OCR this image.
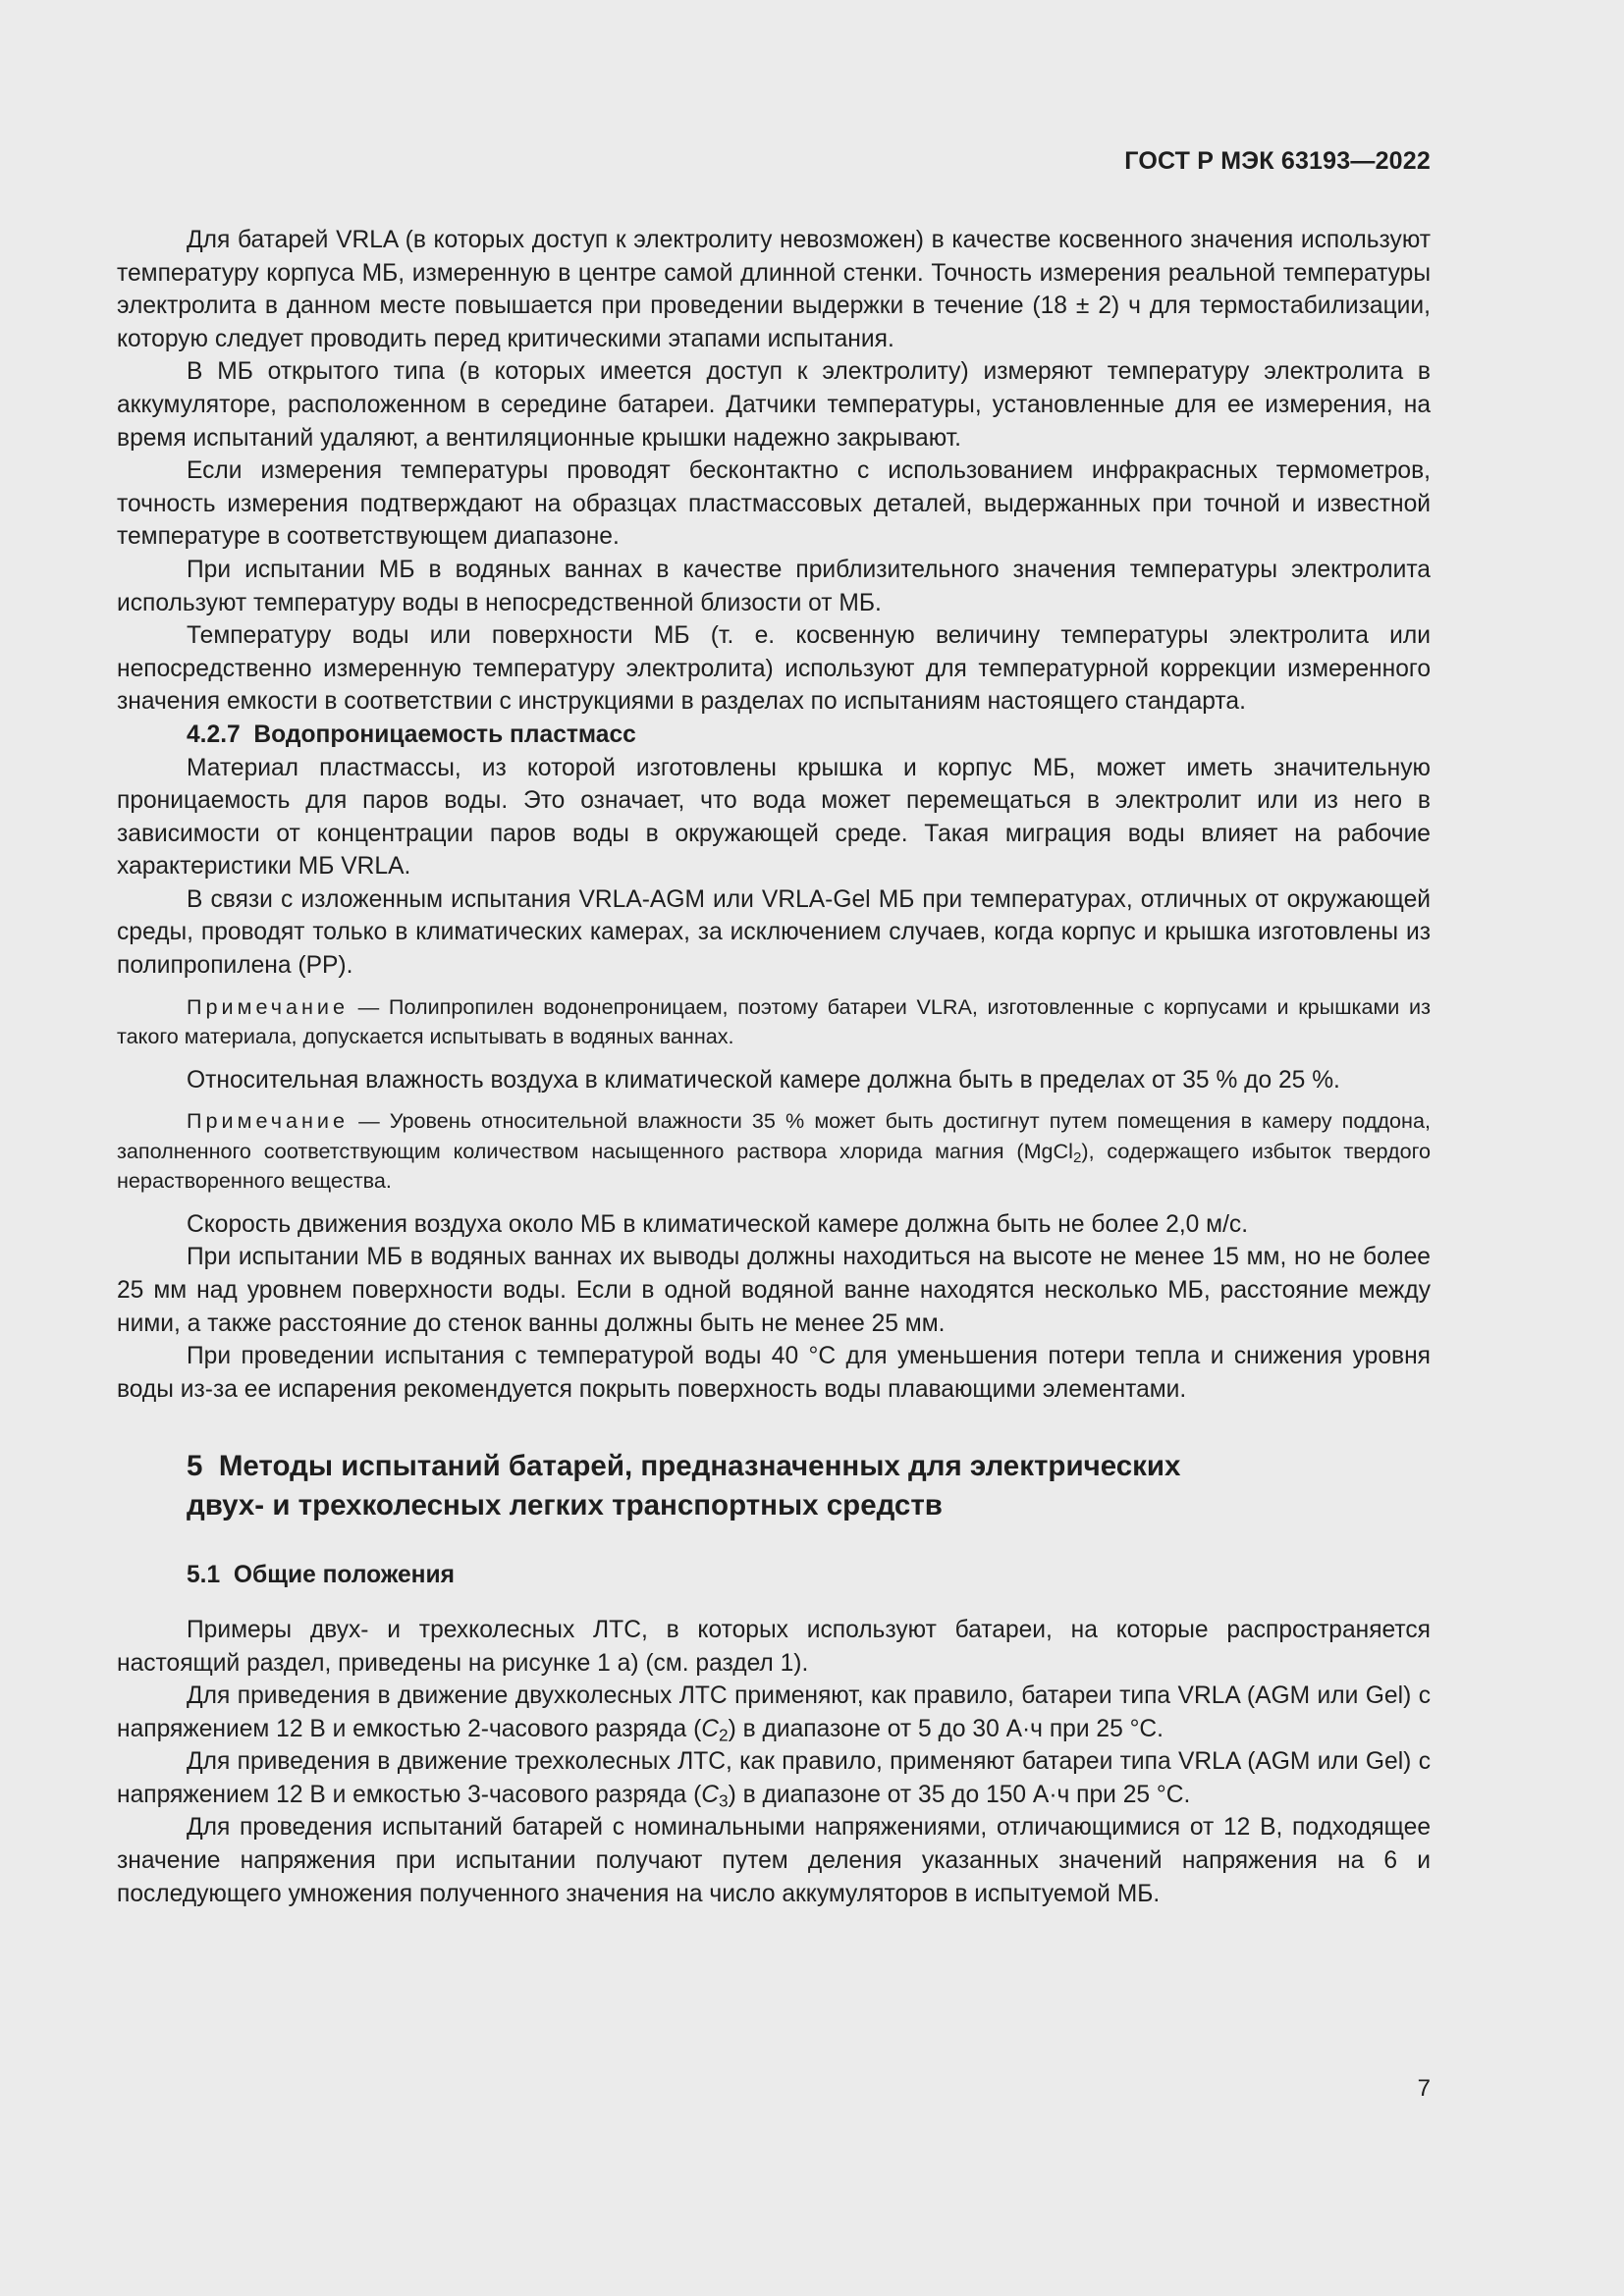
ГОСТ Р МЭК 63193—2022

Для батарей VRLA (в которых доступ к электролиту невозможен) в качестве косвенного значения используют температуру корпуса МБ, измеренную в центре самой длинной стенки. Точность измерения реальной температуры электролита в данном месте повышается при проведении выдержки в течение (18 ± 2) ч для термостабилизации, которую следует проводить перед критическими этапами испытания.

В МБ открытого типа (в которых имеется доступ к электролиту) измеряют температуру электролита в аккумуляторе, расположенном в середине батареи. Датчики температуры, установленные для ее измерения, на время испытаний удаляют, а вентиляционные крышки надежно закрывают.

Если измерения температуры проводят бесконтактно с использованием инфракрасных термометров, точность измерения подтверждают на образцах пластмассовых деталей, выдержанных при точной и известной температуре в соответствующем диапазоне.

При испытании МБ в водяных ваннах в качестве приблизительного значения температуры электролита используют температуру воды в непосредственной близости от МБ.

Температуру воды или поверхности МБ (т. е. косвенную величину температуры электролита или непосредственно измеренную температуру электролита) используют для температурной коррекции измеренного значения емкости в соответствии с инструкциями в разделах по испытаниям настоящего стандарта.

4.2.7 Водопроницаемость пластмасс

Материал пластмассы, из которой изготовлены крышка и корпус МБ, может иметь значительную проницаемость для паров воды. Это означает, что вода может перемещаться в электролит или из него в зависимости от концентрации паров воды в окружающей среде. Такая миграция воды влияет на рабочие характеристики МБ VRLA.

В связи с изложенным испытания VRLA-AGM или VRLA-Gel МБ при температурах, отличных от окружающей среды, проводят только в климатических камерах, за исключением случаев, когда корпус и крышка изготовлены из полипропилена (PP).

Примечание — Полипропилен водонепроницаем, поэтому батареи VLRA, изготовленные с корпусами и крышками из такого материала, допускается испытывать в водяных ваннах.

Относительная влажность воздуха в климатической камере должна быть в пределах от 35 % до 25 %.

Примечание — Уровень относительной влажности 35 % может быть достигнут путем помещения в камеру поддона, заполненного соответствующим количеством насыщенного раствора хлорида магния (MgCl$_2$), содержащего избыток твердого нерастворенного вещества.

Скорость движения воздуха около МБ в климатической камере должна быть не более 2,0 м/с.

При испытании МБ в водяных ваннах их выводы должны находиться на высоте не менее 15 мм, но не более 25 мм над уровнем поверхности воды. Если в одной водяной ванне находятся несколько МБ, расстояние между ними, а также расстояние до стенок ванны должны быть не менее 25 мм.

При проведении испытания с температурой воды 40 °С для уменьшения потери тепла и снижения уровня воды из-за ее испарения рекомендуется покрыть поверхность воды плавающими элементами.

5 Методы испытаний батарей, предназначенных для электрических
двух- и трехколесных легких транспортных средств
5.1 Общие положения

Примеры двух- и трехколесных ЛТС, в которых используют батареи, на которые распространяется настоящий раздел, приведены на рисунке 1 а) (см. раздел 1).

Для приведения в движение двухколесных ЛТС применяют, как правило, батареи типа VRLA (AGM или Gel) с напряжением 12 В и емкостью 2-часового разряда $(C_2)$ в диапазоне от 5 до 30 А·ч при 25 °С.

Для приведения в движение трехколесных ЛТС, как правило, применяют батареи типа VRLA (AGM или Gel) с напряжением 12 В и емкостью 3-часового разряда $(C_3)$ в диапазоне от 35 до 150 А·ч при 25 °С.

Для проведения испытаний батарей с номинальными напряжениями, отличающимися от 12 В, подходящее значение напряжения при испытании получают путем деления указанных значений напряжения на 6 и последующего умножения полученного значения на число аккумуляторов в испытуемой МБ.

7
